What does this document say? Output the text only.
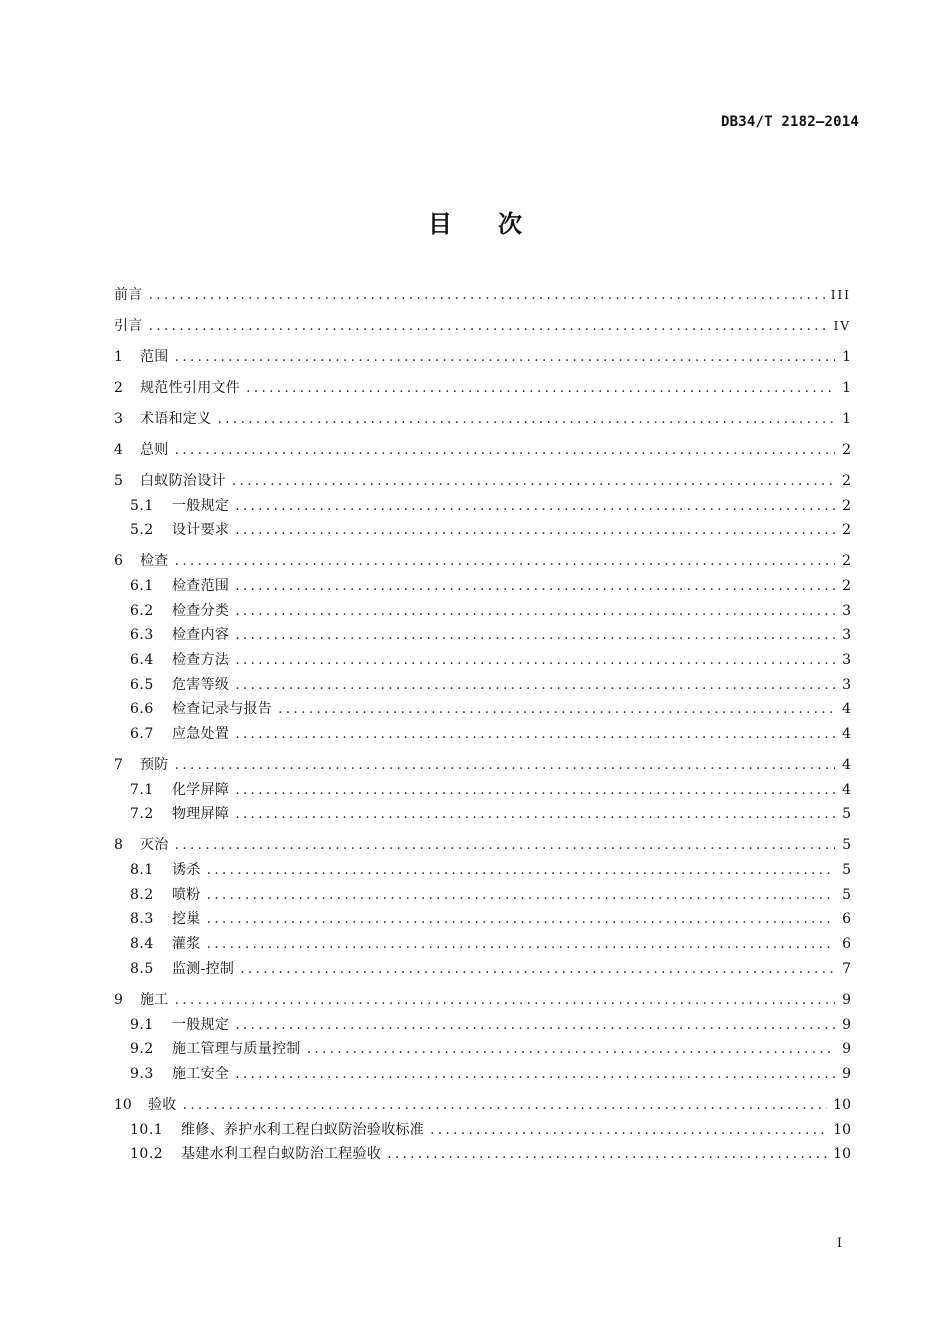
DB34/T 2182—2014
目次
前言 .....	III
引言 .....	IV
1	范围 .....	1
2	规范性引用文件 .....	1
3	术语和定义 .....	1
4	总则 .....	2
5	白蚁防治设计 .....	2
5.1	一般规定 .....	2
5.2	设计要求 .....	2
6	检查 .....	2
6.1	检查范围 .....	2
6.2	检查分类 .....	3
6.3	检查内容 .....	3
6.4	检查方法 .....	3
6.5	危害等级 .....	3
6.6	检查记录与报告 .....	4
6.7	应急处置 .....	4
7	预防 .....	4
7.1	化学屏障 .....	4
7.2	物理屏障 .....	5
8	灭治 .....	5
8.1	诱杀 .....	5
8.2	喷粉 .....	5
8.3	挖巢 .....	6
8.4	灌浆 .....	6
8.5	监测-控制 .....	7
9	施工 .....	9
9.1	一般规定 .....	9
9.2	施工管理与质量控制 .....	9
9.3	施工安全 .....	9
10	验收 .....	10
10.1	维修、养护水利工程白蚁防治验收标准 .....	10
10.2	基建水利工程白蚁防治工程验收 .....	10
I
